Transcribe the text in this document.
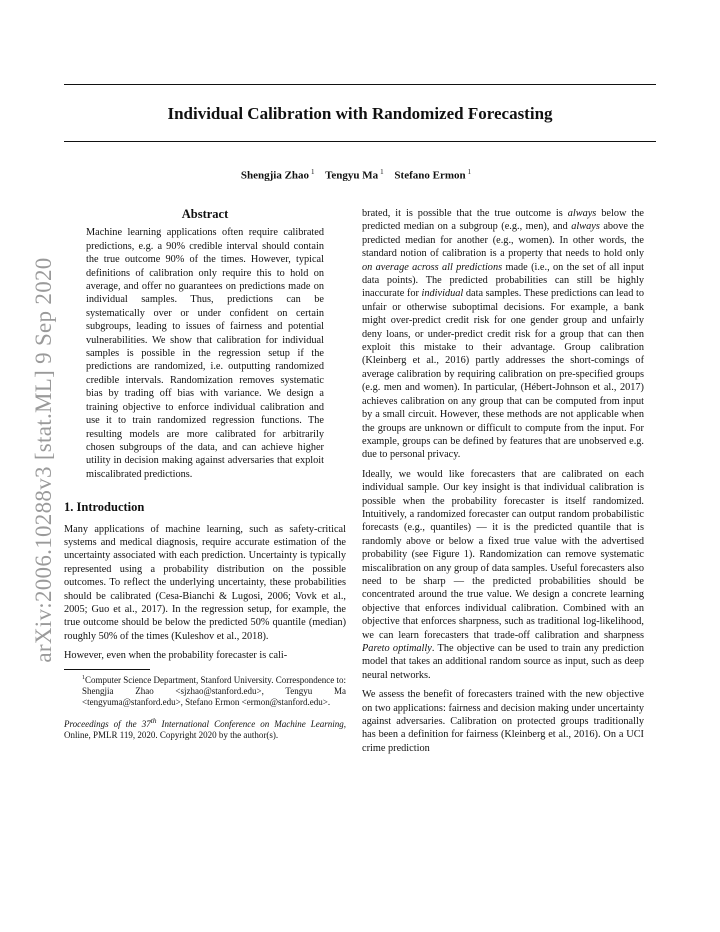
Individual Calibration with Randomized Forecasting
Shengjia Zhao $^1$ Tengyu Ma $^1$ Stefano Ermon $^1$
arXiv:2006.10288v3 [stat.ML] 9 Sep 2020

Abstract

Machine learning applications often require calibrated predictions, e.g. a 90% credible interval should contain the true outcome 90% of the times. However, typical definitions of calibration only require this to hold on average, and offer no guarantees on predictions made on individual samples. Thus, predictions can be systematically over or under confident on certain subgroups, leading to issues of fairness and potential vulnerabilities. We show that calibration for individual samples is possible in the regression setup if the predictions are randomized, i.e. outputting randomized credible intervals. Randomization removes systematic bias by trading off bias with variance. We design a training objective to enforce individual calibration and use it to train randomized regression functions. The resulting models are more calibrated for arbitrarily chosen subgroups of the data, and can achieve higher utility in decision making against adversaries that exploit miscalibrated predictions.

1. Introduction

Many applications of machine learning, such as safety-critical systems and medical diagnosis, require accurate estimation of the uncertainty associated with each prediction. Uncertainty is typically represented using a probability distribution on the possible outcomes. To reflect the underlying uncertainty, these probabilities should be calibrated (Cesa-Bianchi & Lugosi, 2006; Vovk et al., 2005; Guo et al., 2017). In the regression setup, for example, the true outcome should be below the predicted 50% quantile (median) roughly 50% of the times (Kuleshov et al., 2018).

However, even when the probability forecaster is cali-

$^1$Computer Science Department, Stanford University. Correspondence to: Shengjia Zhao <sjzhao@stanford.edu>, Tengyu Ma <tengyuma@stanford.edu>, Stefano Ermon <ermon@stanford.edu>.
Proceedings of the 37th International Conference on Machine Learning, Online, PMLR 119, 2020. Copyright 2020 by the author(s).

brated, it is possible that the true outcome is always below the predicted median on a subgroup (e.g., men), and always above the predicted median for another (e.g., women). In other words, the standard notion of calibration is a property that needs to hold only on average across all predictions made (i.e., on the set of all input data points). The predicted probabilities can still be highly inaccurate for individual data samples. These predictions can lead to unfair or otherwise suboptimal decisions. For example, a bank might over-predict credit risk for one gender group and unfairly deny loans, or under-predict credit risk for a group that can then exploit this mistake to their advantage. Group calibration (Kleinberg et al., 2016) partly addresses the short-comings of average calibration by requiring calibration on pre-specified groups (e.g. men and women). In particular, (Hébert-Johnson et al., 2017) achieves calibration on any group that can be computed from input by a small circuit. However, these methods are not applicable when the groups are unknown or difficult to compute from the input. For example, groups can be defined by features that are unobserved e.g. due to personal privacy.

Ideally, we would like forecasters that are calibrated on each individual sample. Our key insight is that individual calibration is possible when the probability forecaster is itself randomized. Intuitively, a randomized forecaster can output random probabilistic forecasts (e.g., quantiles) — it is the predicted quantile that is randomly above or below a fixed true value with the advertised probability (see Figure 1). Randomization can remove systematic miscalibration on any group of data samples. Useful forecasters also need to be sharp — the predicted probabilities should be concentrated around the true value. We design a concrete learning objective that enforces individual calibration. Combined with an objective that enforces sharpness, such as traditional log-likelihood, we can learn forecasters that trade-off calibration and sharpness Pareto optimally. The objective can be used to train any prediction model that takes an additional random source as input, such as deep neural networks.

We assess the benefit of forecasters trained with the new objective on two applications: fairness and decision making under uncertainty against adversaries. Calibration on protected groups traditionally has been a definition for fairness (Kleinberg et al., 2016). On a UCI crime prediction
